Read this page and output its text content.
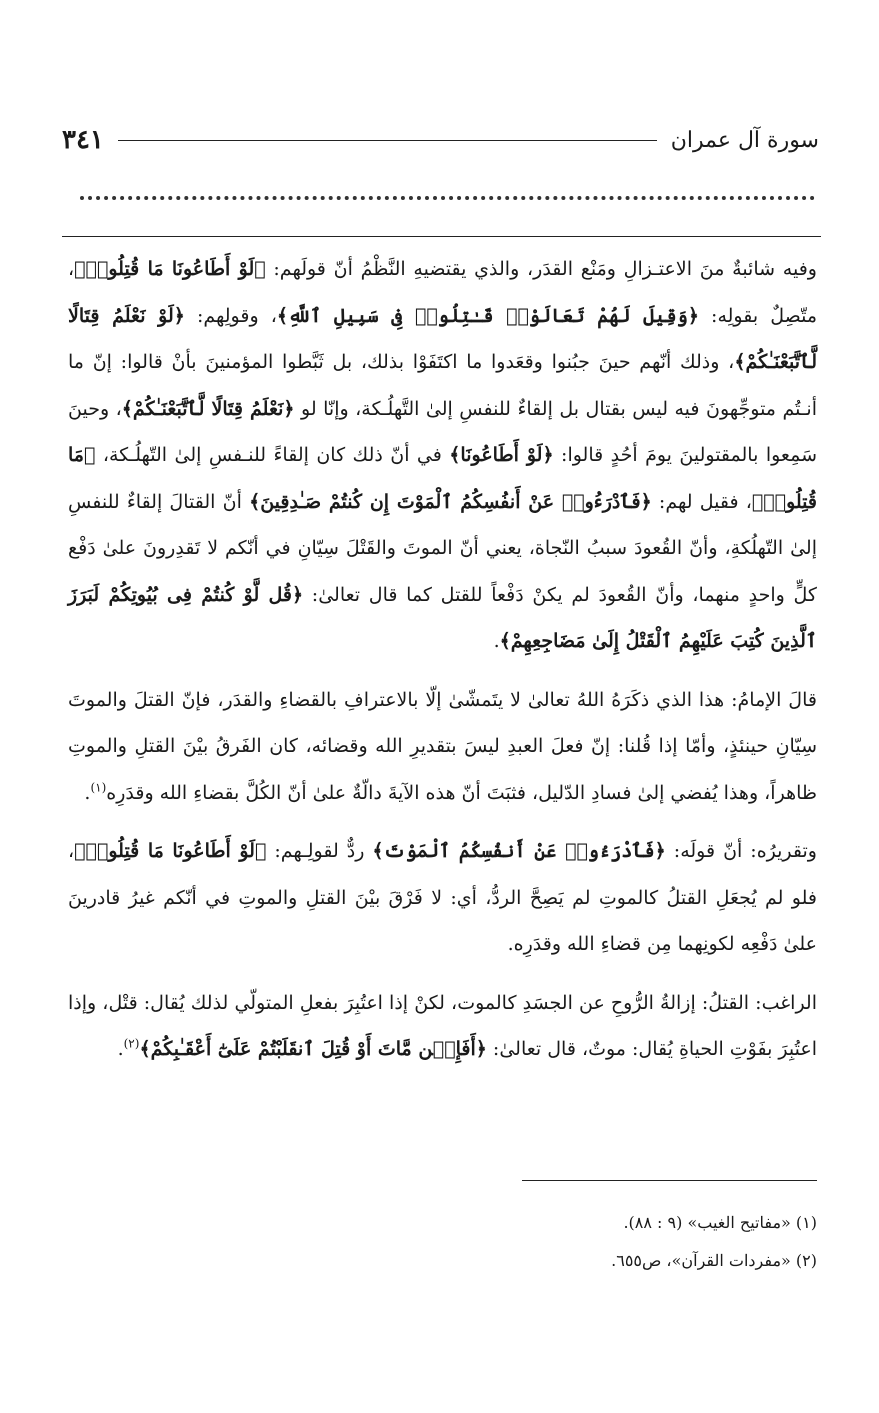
سورة آل عمران
٣٤١

وفيه شائبةٌ منَ الاعتـزالِ ومَنْع القدَر، والذي يقتضيهِ النَّظْمُ أنّ قولَهم: ﴿لَوْ أَطَاعُونَا مَا قُتِلُوا۟﴾، متّصِلٌ بقولِه: ﴿وَقِيلَ لَهُمْ تَعَالَوْا۟ قَـٰتِلُوا۟ فِى سَبِيلِ ٱللَّهِ﴾، وقولِهم: ﴿لَوْ نَعْلَمُ قِتَالًا لَّٱتَّبَعْنَـٰكُمْ﴾، وذلك أنّهم حينَ جبُنوا وقعَدوا ما اكتَفَوْا بذلك، بل ثَبَّطوا المؤمنينَ بأنْ قالوا: إنّ ما أنـتُم متوجِّهونَ فيه ليس بقتال بل إلقاءٌ للنفسِ إلىٰ التَّهلُـكة، وإنّا لو ﴿نَعْلَمُ قِتَالًا لَّٱتَّبَعْنَـٰكُمْ﴾، وحينَ سَمِعوا بالمقتولينَ يومَ أحُدٍ قالوا: ﴿لَوْ أَطَاعُونَا﴾ في أنّ ذلك كان إلقاءً للنـفسِ إلىٰ التّهلُـكة، ﴿مَا قُتِلُوا۟﴾، فقيل لهم: ﴿فَٱدْرَءُوا۟ عَنْ أَنفُسِكُمُ ٱلْمَوْتَ إِن كُنتُمْ صَـٰدِقِينَ﴾ أنّ القتالَ إلقاءٌ للنفسِ إلىٰ التّهلُكةِ، وأنّ القُعودَ سببُ النّجاة، يعني أنّ الموتَ والقَتْلَ سِيّانِ في أنّكم لا تَقدِرونَ علىٰ دَفْع كلٍّ واحدٍ منهما، وأنّ القُعودَ لم يكنْ دَفْعاً للقتل كما قال تعالىٰ: ﴿قُل لَّوْ كُنتُمْ فِى بُيُوتِكُمْ لَبَرَزَ ٱلَّذِينَ كُتِبَ عَلَيْهِمُ ٱلْقَتْلُ إِلَىٰ مَضَاجِعِهِمْ﴾.

قالَ الإمامُ: هذا الذي ذكَرَهُ اللهُ تعالىٰ لا يتَمشّىٰ إلّا بالاعترافِ بالقضاءِ والقدَر، فإنّ القتلَ والموتَ سِيّانِ حينئذٍ، وأمّا إذا قُلنا: إنّ فعلَ العبدِ ليسَ بتقديرِ الله وقضائه، كان الفَرقُ بيْنَ القتلِ والموتِ ظاهراً، وهذا يُفضي إلىٰ فسادِ الدّليل، فثبَتَ أنّ هذه الآيةَ دالّةٌ علىٰ أنّ الكُلَّ بقضاءِ الله وقدَرِه$^{(١)}$.

وتقريرُه: أنّ قولَه: ﴿فَٱدْرَءُوا۟ عَنْ أَنفُسِكُمُ ٱلْمَوْتَ﴾ ردٌّ لقولِـهم: ﴿لَوْ أَطَاعُونَا مَا قُتِلُوا۟﴾، فلو لم يُجعَلِ القتلُ كالموتِ لم يَصِحَّ الردُّ، أي: لا فَرْقَ بيْنَ القتلِ والموتِ في أنّكم غيرُ قادرينَ علىٰ دَفْعِه لكونِهما مِن قضاءِ الله وقدَرِه.

الراغب: القتلُ: إزالةُ الرُّوحِ عن الجسَدِ كالموت، لكنْ إذا اعتُبِرَ بفعلِ المتولّي لذلك يُقال: قتْل، وإذا اعتُبِرَ بفَوْتِ الحياةِ يُقال: موتٌ، قال تعالىٰ: ﴿أَفَإِي۟ن مَّاتَ أَوْ قُتِلَ ٱنقَلَبْتُمْ عَلَىٰٓ أَعْقَـٰبِكُمْ﴾$^{(٢)}$.

(١) «مفاتيح الغيب» (٩ : ٨٨).
(٢) «مفردات القرآن»، ص٦٥٥.
